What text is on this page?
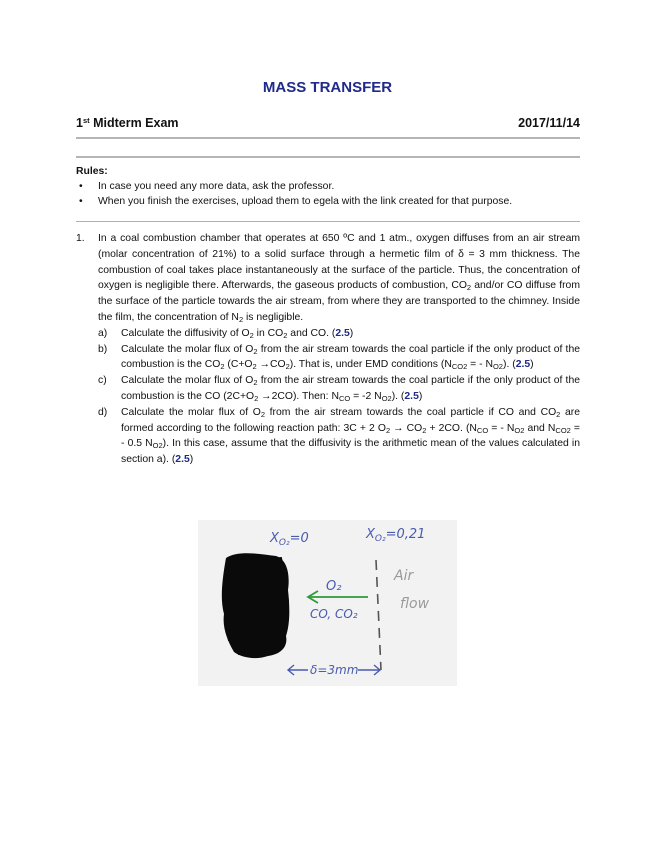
MASS TRANSFER
1st Midterm Exam	2017/11/14
Rules:
• In case you need any more data, ask the professor.
• When you finish the exercises, upload them to egela with the link created for that purpose.
1. In a coal combustion chamber that operates at 650 ºC and 1 atm., oxygen diffuses from an air stream (molar concentration of 21%) to a solid surface through a hermetic film of δ = 3 mm thickness. The combustion of coal takes place instantaneously at the surface of the particle. Thus, the concentration of oxygen is negligible there. Afterwards, the gaseous products of combustion, $CO_2$ and/or CO diffuse from the surface of the particle towards the air stream, from where they are transported to the chimney. Inside the film, the concentration of $N_2$ is negligible.
a) Calculate the diffusivity of $O_2$ in $CO_2$ and CO. (2.5)
b) Calculate the molar flux of $O_2$ from the air stream towards the coal particle if the only product of the combustion is the $CO_2$ $(C+O_2 \to CO_2)$. That is, under EMD conditions ($N_{CO2}$ = - $N_{O2}$). (2.5)
c) Calculate the molar flux of $O_2$ from the air stream towards the coal particle if the only product of the combustion is the CO $(2C+O_2 \to 2CO)$. Then: $N_{CO} = -2$ $N_{O2}$). (2.5)
d) Calculate the molar flux of $O_2$ from the air stream towards the coal particle if CO and $CO_2$ are formed according to the following reaction path: 3C + 2 $O_2 \to CO_2 + 2CO$. ($N_{CO}$ = - $N_{O2}$ and $N_{CO2}$ = - 0.5 $N_{O2}$). In this case, assume that the diffusivity is the arithmetic mean of the values calculated in section a). (2.5)
$X_{O_2}=0$	$X_{O_2}=0,21$
O₂
CO, CO₂
Air
flow
δ=3mm
